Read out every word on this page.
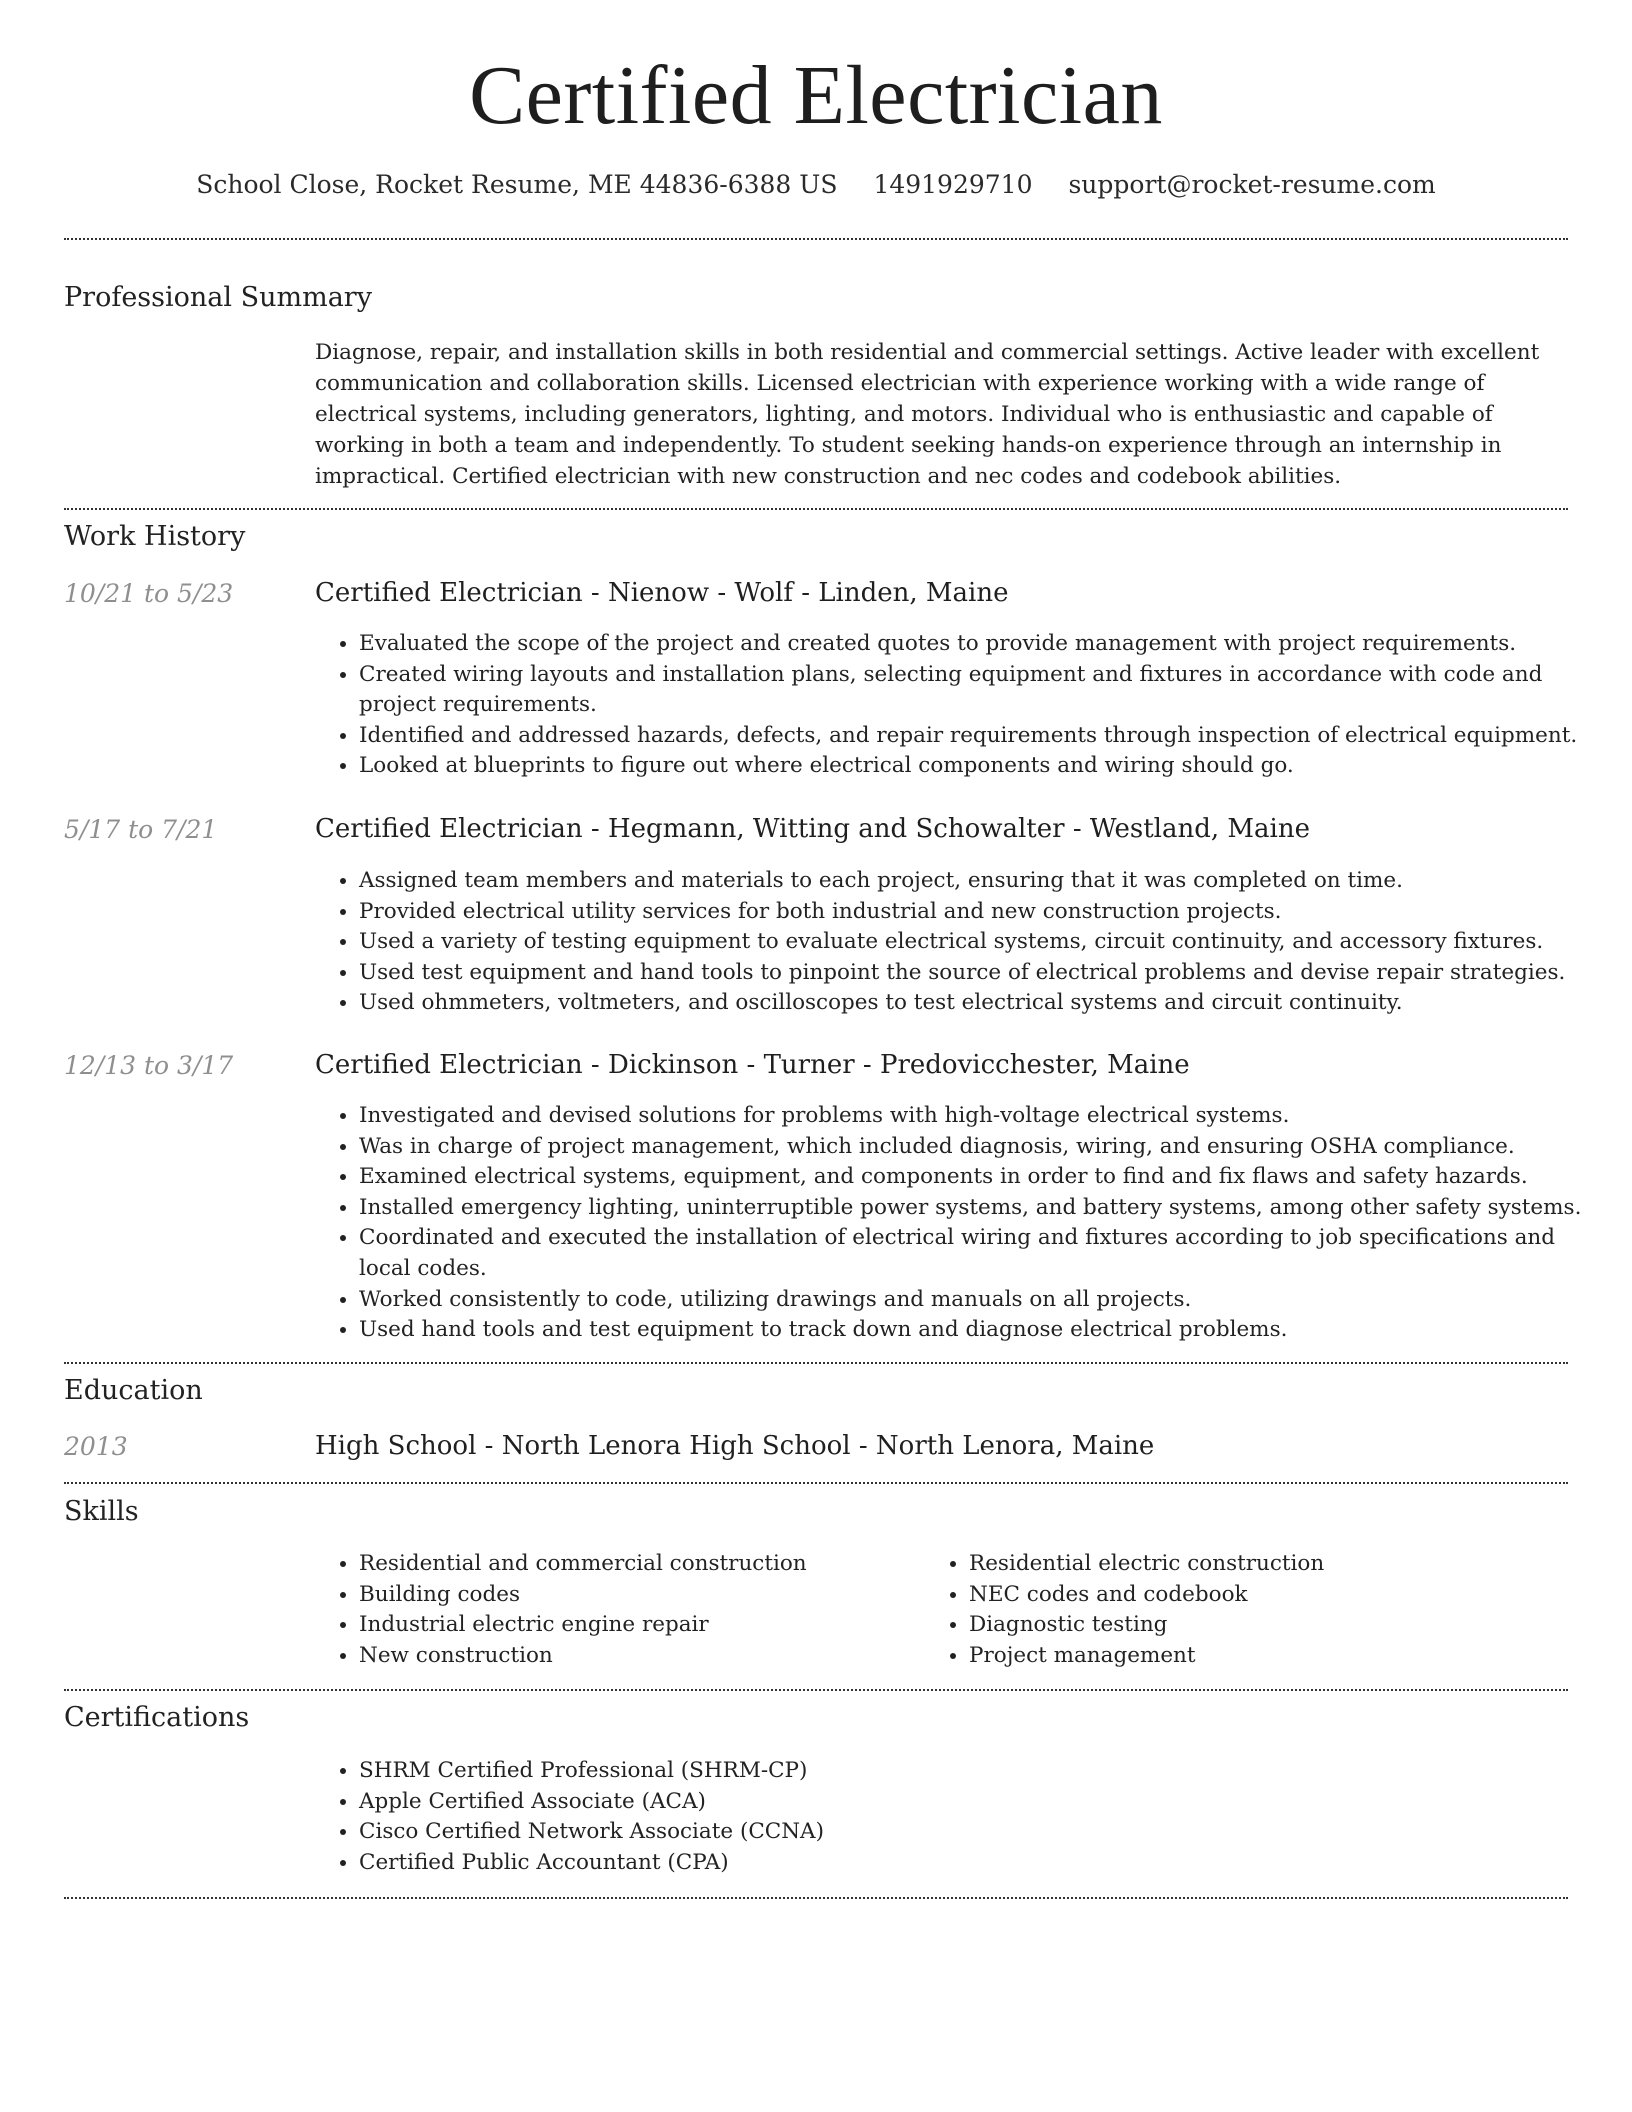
Certified Electrician
School Close, Rocket Resume, ME 44836-6388 US 1491929710 support@rocket-resume.com
Professional Summary

Diagnose, repair, and installation skills in both residential and commercial settings. Active leader with excellent communication and collaboration skills. Licensed electrician with experience working with a wide range of electrical systems, including generators, lighting, and motors. Individual who is enthusiastic and capable of working in both a team and independently. To student seeking hands-on experience through an internship in impractical. Certified electrician with new construction and nec codes and codebook abilities.

Work History
10/21 to 5/23	Certified Electrician - Nienow - Wolf - Linden, Maine
• Evaluated the scope of the project and created quotes to provide management with project requirements.
• Created wiring layouts and installation plans, selecting equipment and fixtures in accordance with code and project requirements.
• Identified and addressed hazards, defects, and repair requirements through inspection of electrical equipment.
• Looked at blueprints to figure out where electrical components and wiring should go.
5/17 to 7/21	Certified Electrician - Hegmann, Witting and Schowalter - Westland, Maine
• Assigned team members and materials to each project, ensuring that it was completed on time.
• Provided electrical utility services for both industrial and new construction projects.
• Used a variety of testing equipment to evaluate electrical systems, circuit continuity, and accessory fixtures.
• Used test equipment and hand tools to pinpoint the source of electrical problems and devise repair strategies.
• Used ohmmeters, voltmeters, and oscilloscopes to test electrical systems and circuit continuity.
12/13 to 3/17	Certified Electrician - Dickinson - Turner - Predovicchester, Maine
• Investigated and devised solutions for problems with high-voltage electrical systems.
• Was in charge of project management, which included diagnosis, wiring, and ensuring OSHA compliance.
• Examined electrical systems, equipment, and components in order to find and fix flaws and safety hazards.
• Installed emergency lighting, uninterruptible power systems, and battery systems, among other safety systems.
• Coordinated and executed the installation of electrical wiring and fixtures according to job specifications and local codes.
• Worked consistently to code, utilizing drawings and manuals on all projects.
• Used hand tools and test equipment to track down and diagnose electrical problems.
Education
2013	High School - North Lenora High School - North Lenora, Maine
Skills
• Residential and commercial construction
• Building codes
• Industrial electric engine repair
• New construction
• Residential electric construction
• NEC codes and codebook
• Diagnostic testing
• Project management
Certifications
• SHRM Certified Professional (SHRM-CP)
• Apple Certified Associate (ACA)
• Cisco Certified Network Associate (CCNA)
• Certified Public Accountant (CPA)
